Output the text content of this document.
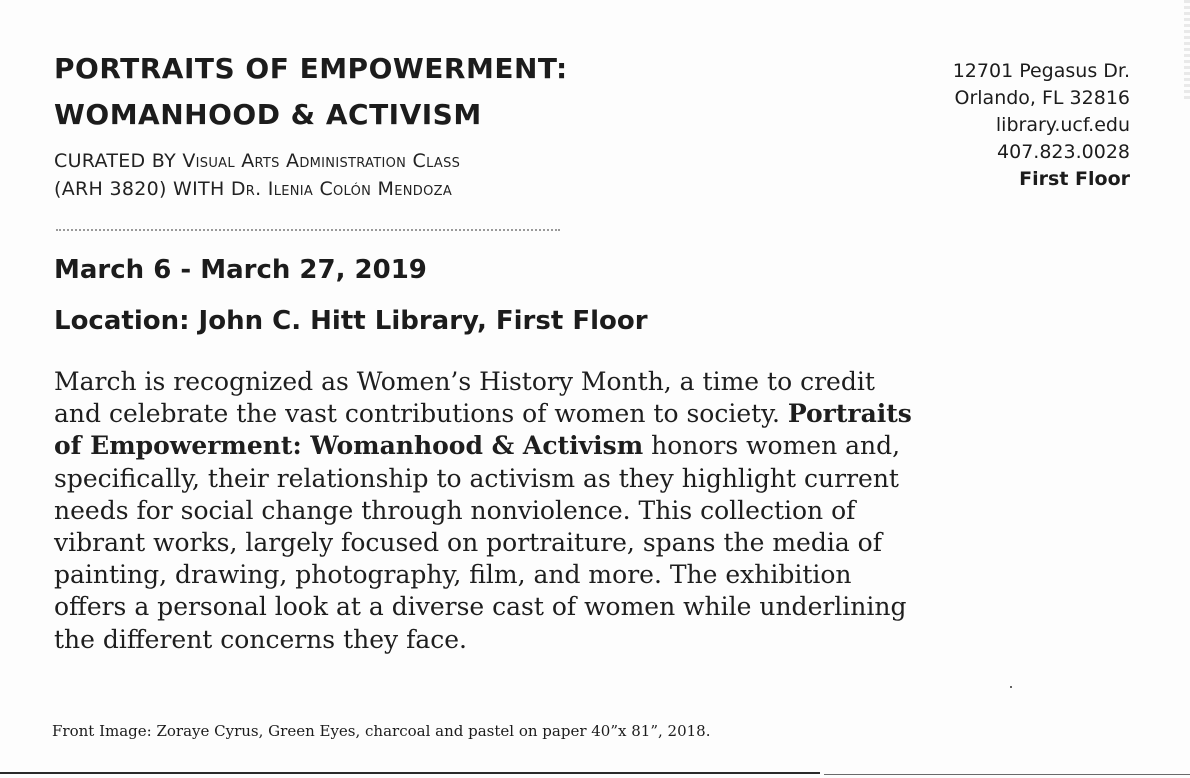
PORTRAITS OF EMPOWERMENT:
WOMANHOOD & ACTIVISM
CURATED BY Visual Arts Administration Class
(ARH 3820) WITH Dr. Ilenia Colón Mendoza
12701 Pegasus Dr.
Orlando, FL 32816
library.ucf.edu
407.823.0028
First Floor
March 6 - March 27, 2019
Location: John C. Hitt Library, First Floor
March is recognized as Women’s History Month, a time to credit
and celebrate the vast contributions of women to society. Portraits
of Empowerment: Womanhood & Activism honors women and,
specifically, their relationship to activism as they highlight current
needs for social change through nonviolence. This collection of
vibrant works, largely focused on portraiture, spans the media of
painting, drawing, photography, film, and more. The exhibition
offers a personal look at a diverse cast of women while underlining
the different concerns they face.
Front Image: Zoraye Cyrus, Green Eyes, charcoal and pastel on paper 40”x 81”, 2018.
